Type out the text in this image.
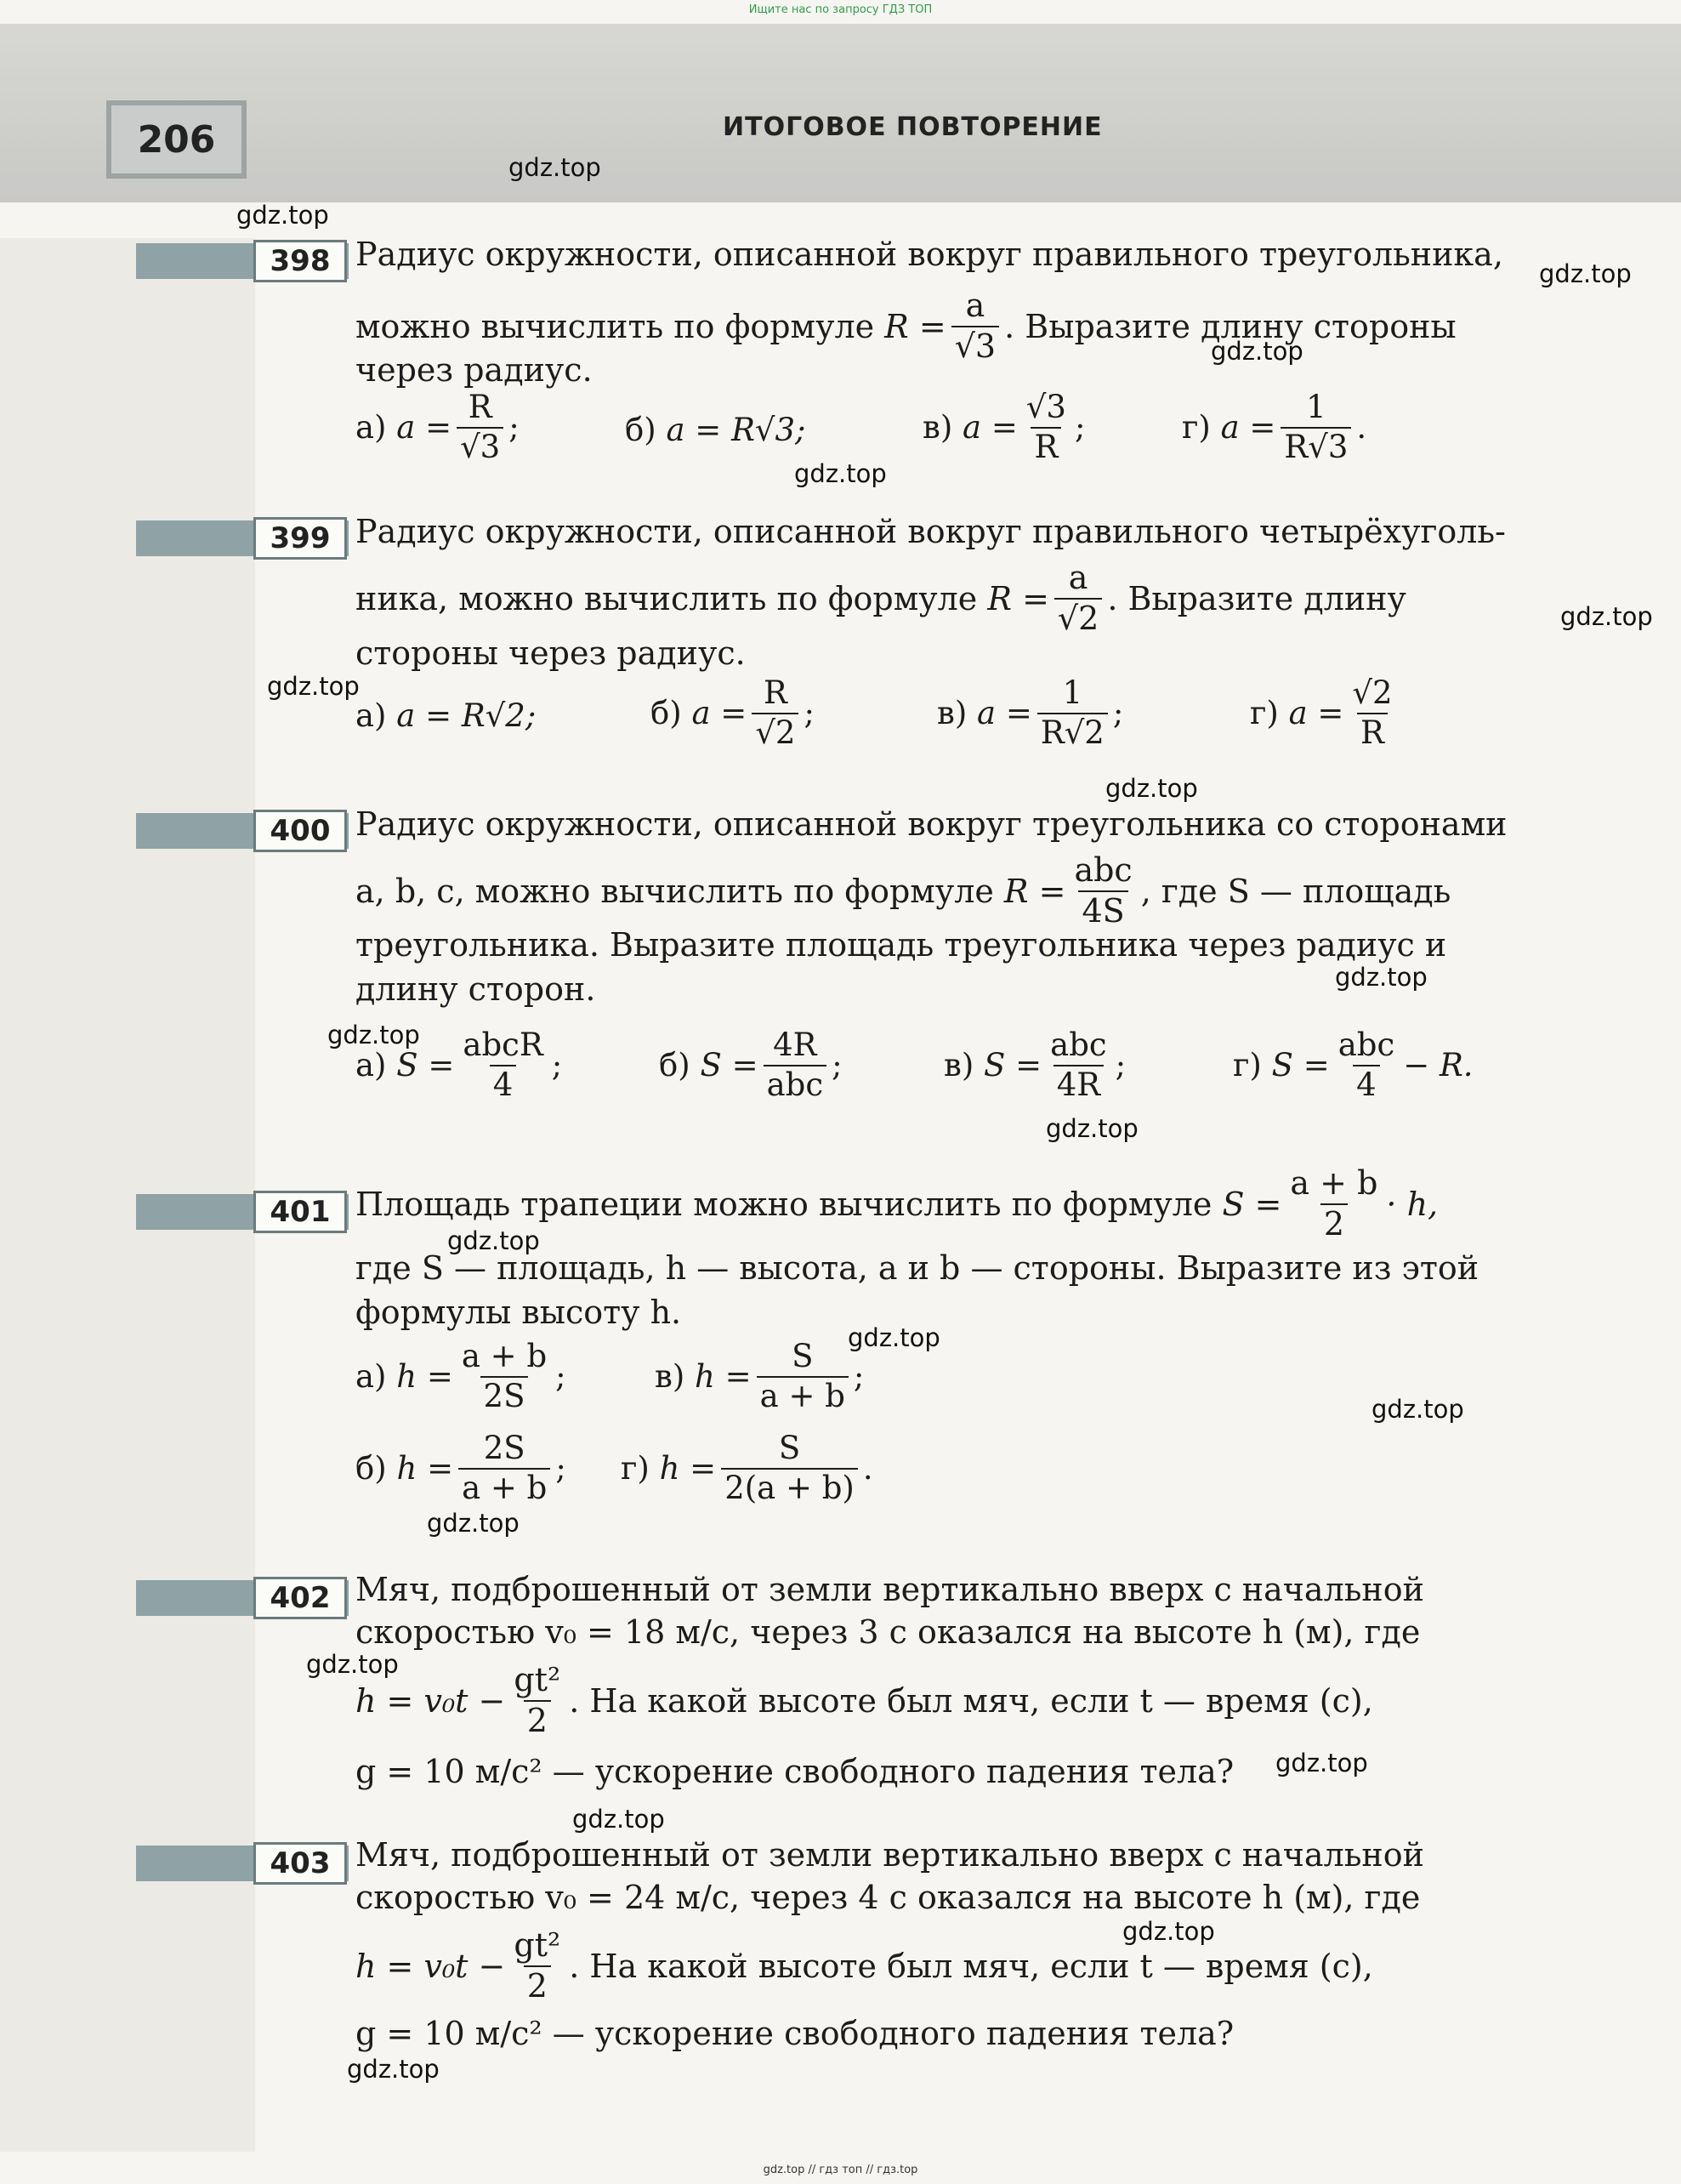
Ищите нас по запросу ГДЗ ТОП
206	ИТОГОВОЕ ПОВТОРЕНИЕ

398 Радиус окружности, описанной вокруг правильного треугольника,
можно вычислить по формуле
$R = \frac{a}{√3}$ .
Выразите длину стороны
через радиус.
а)
$a = \frac{R}{√3}$ ;	б)
a = R√3;	в)
$a = \frac{√3}{R}$ ;	г)
$a = \frac{1}{R√3}$ .
399 Радиус окружности, описанной вокруг правильного четырёхуголь-
ника, можно вычислить по формуле
$R = \frac{a}{√2}$ .
Выразите длину
стороны через радиус.
а)
a = R√2;	б)
$a = \frac{R}{√2}$ ;	в)
$a = \frac{1}{R√2}$ ;	г)
$a = \frac{√2}{R}$
400 Радиус окружности, описанной вокруг треугольника со сторонами
a, b, c, можно вычислить по формуле
$R = \frac{\text{abc}}{4S}$ , где S — площадь
треугольника. Выразите площадь треугольника через радиус и
длину сторон.
а)
$S = \frac{\text{abcR}}{4}$ ;	б)
$S = \frac{4R}{\text{abc}}$ ;	в)
$S = \frac{\text{abc}}{4R}$ ;	г)
$S = \frac{\text{abc}}{4} - R$.
401 Площадь трапеции можно вычислить по формуле
$S = \frac{a + b}{2} \cdot h$,
где S — площадь, h — высота, a и b — стороны. Выразите из этой
формулы высоту h.
а)
$h = \frac{a + b}{2S}$ ;	в)
$h = \frac{S}{a + b}$ ;
б)
$h = \frac{2S}{a + b}$ ; г)
$h = \frac{S}{2(a + b)}$ .
402 Мяч, подброшенный от земли вертикально вверх с начальной
скоростью v₀ = 18 м/с, через 3 с оказался на высоте h (м), где
$h = v_0t - \frac{\text{gt²}}{2}$ . На какой высоте был мяч, если t — время (с),
g = 10 м/с² — ускорение свободного падения тела?
403 Мяч, подброшенный от земли вертикально вверх с начальной
скоростью v₀ = 24 м/с, через 4 с оказался на высоте h (м), где
$h = v_0t - \frac{\text{gt²}}{2}$ . На какой высоте был мяч, если t — время (с),
g = 10 м/с² — ускорение свободного падения тела?
gdz.top
gdz.top
gdz.top
gdz.top
gdz.top
gdz.top
gdz.top
gdz.top
gdz.top
gdz.top
gdz.top
gdz.top
gdz.top
gdz.top
gdz.top
gdz.top
gdz.top
gdz.top
gdz.top
gdz.top
gdz.top // гдз топ // гдз.top
